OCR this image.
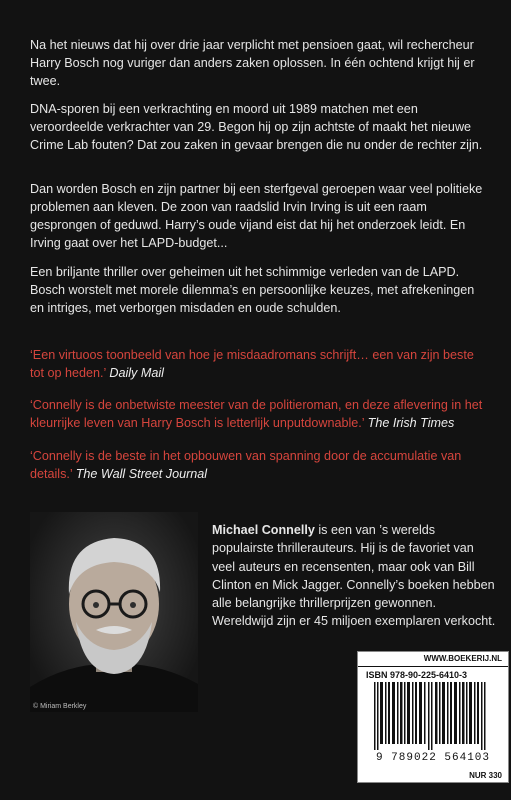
Na het nieuws dat hij over drie jaar verplicht met pensioen gaat, wil rechercheur Harry Bosch nog vuriger dan anders zaken oplossen. In één ochtend krijgt hij er twee.

DNA-sporen bij een verkrachting en moord uit 1989 matchen met een veroordeelde verkrachter van 29. Begon hij op zijn achtste of maakt het nieuwe Crime Lab fouten? Dat zou zaken in gevaar brengen die nu onder de rechter zijn.

Dan worden Bosch en zijn partner bij een sterfgeval geroepen waar veel politieke problemen aan kleven. De zoon van raadslid Irvin Irving is uit een raam gesprongen of geduwd. Harry’s oude vijand eist dat hij het onderzoek leidt. En Irving gaat over het LAPD-budget...

Een briljante thriller over geheimen uit het schimmige verleden van de LAPD. Bosch worstelt met morele dilemma’s en persoonlijke keuzes, met afrekeningen en intriges, met verborgen misdaden en oude schulden.

‘Een virtuoos toonbeeld van hoe je misdaadromans schrijft… een van zijn beste tot op heden.’ Daily Mail

‘Connelly is de onbetwiste meester van de politieroman, en deze aflevering in het kleurrijke leven van Harry Bosch is letterlijk unputdownable.’ The Irish Times

‘Connelly is de beste in het opbouwen van spanning door de accumulatie van details.’ The Wall Street Journal

© Miriam Berkley

Michael Connelly is een van ’s werelds populairste thrillerauteurs. Hij is de favoriet van veel auteurs en recensenten, maar ook van Bill Clinton en Mick Jagger. Connelly’s boeken hebben alle belangrijke thrillerprijzen gewonnen. Wereldwijd zijn er 45 miljoen exemplaren verkocht.

WWW.BOEKERIJ.NL
ISBN 978-90-225-6410-3
9 789022 564103
NUR 330
